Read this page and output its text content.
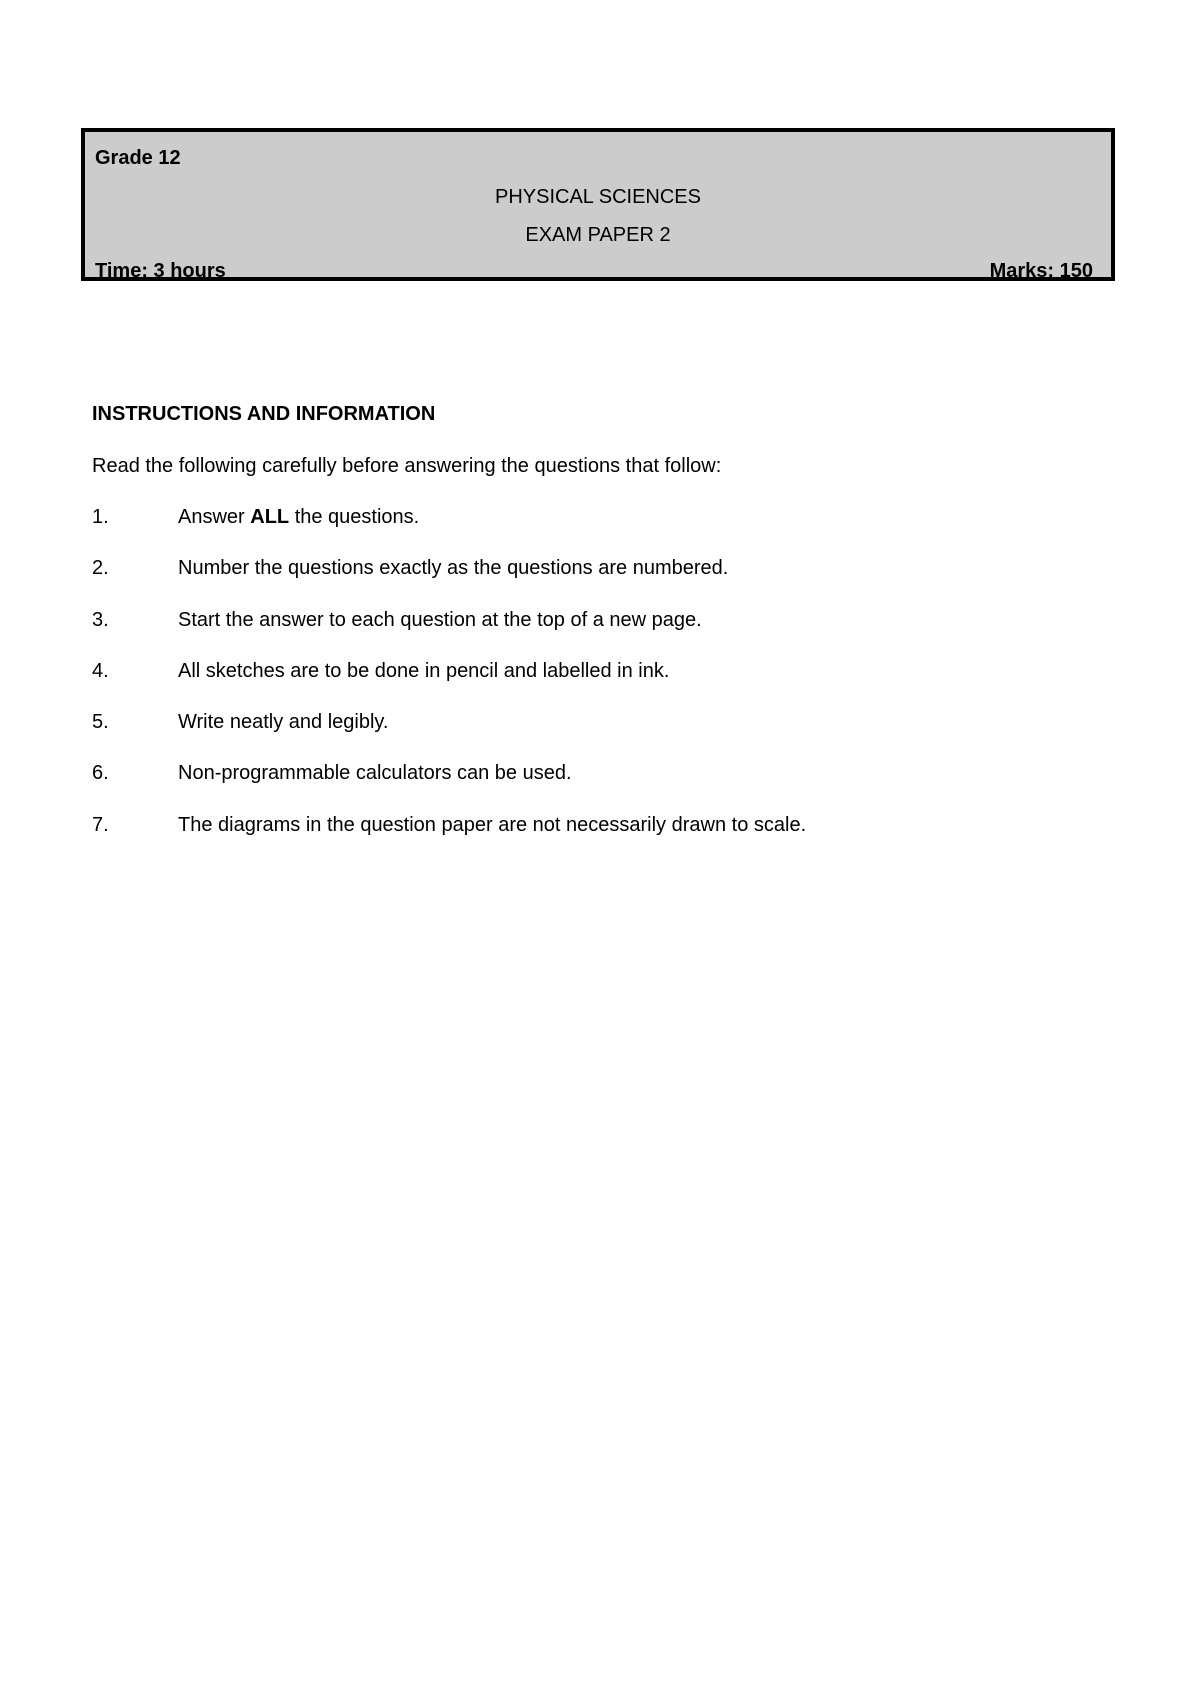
Grade 12
PHYSICAL SCIENCES
EXAM PAPER 2
Time: 3 hours	Marks: 150
INSTRUCTIONS AND INFORMATION
Read the following carefully before answering the questions that follow:
1.	Answer ALL the questions.
2.	Number the questions exactly as the questions are numbered.
3.	Start the answer to each question at the top of a new page.
4.	All sketches are to be done in pencil and labelled in ink.
5.	Write neatly and legibly.
6.	Non-programmable calculators can be used.
7.	The diagrams in the question paper are not necessarily drawn to scale.
